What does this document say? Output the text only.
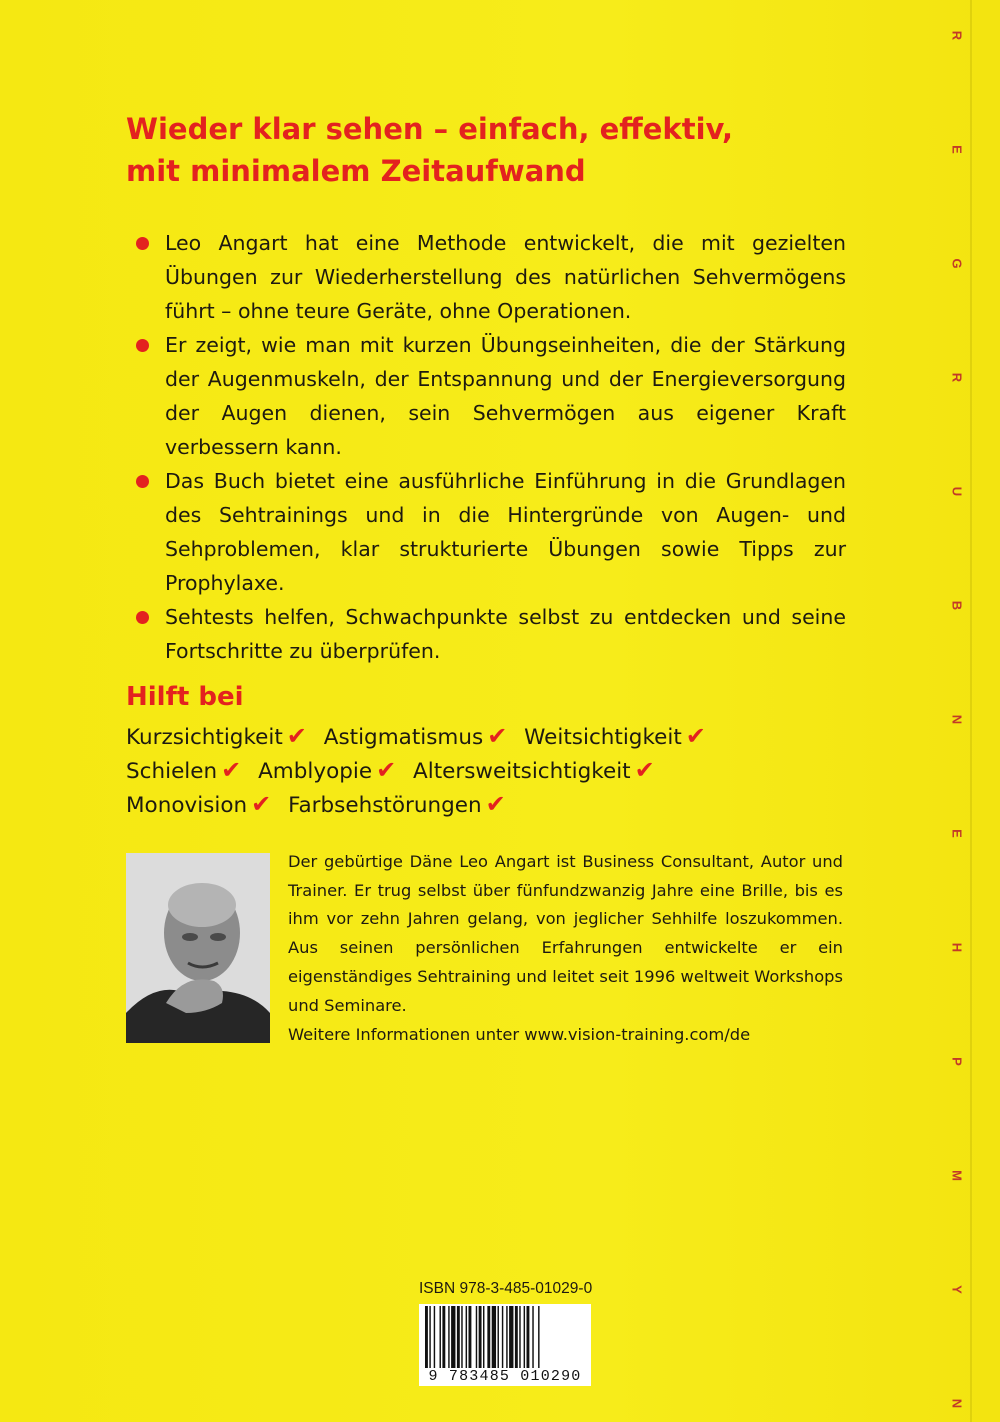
Wieder klar sehen – einfach, effektiv,
mit minimalem Zeitaufwand
Leo Angart hat eine Methode entwickelt, die mit gezielten Übungen zur Wiederherstellung des natürlichen Sehvermögens führt – ohne teure Geräte, ohne Operationen.
Er zeigt, wie man mit kurzen Übungseinheiten, die der Stärkung der Augenmuskeln, der Entspannung und der Energieversorgung der Augen dienen, sein Sehvermögen aus eigener Kraft verbessern kann.
Das Buch bietet eine ausführliche Einführung in die Grundlagen des Sehtrainings und in die Hintergründe von Augen- und Sehproblemen, klar strukturierte Übungen sowie Tipps zur Prophylaxe.
Sehtests helfen, Schwachpunkte selbst zu entdecken und seine Fortschritte zu überprüfen.
Hilft bei
Kurzsichtigkeit ✔ Astigmatismus ✔ Weitsichtigkeit ✔
Schielen ✔ Amblyopie ✔ Altersweitsichtigkeit ✔
Monovision ✔ Farbsehstörungen ✔

Der gebürtige Däne Leo Angart ist Business Consultant, Autor und Trainer. Er trug selbst über fünfundzwanzig Jahre eine Brille, bis es ihm vor zehn Jahren gelang, von jeglicher Sehhilfe loszukommen. Aus seinen persönlichen Erfahrungen entwickelte er ein eigenständiges Sehtraining und leitet seit 1996 weltweit Workshops und Seminare.

Weitere Informationen unter www.vision-training.com/de

ISBN 978-3-485-01029-0
9 783485 010290
R
E
G
R
U
B
N
E
H
P
M
Y
N
